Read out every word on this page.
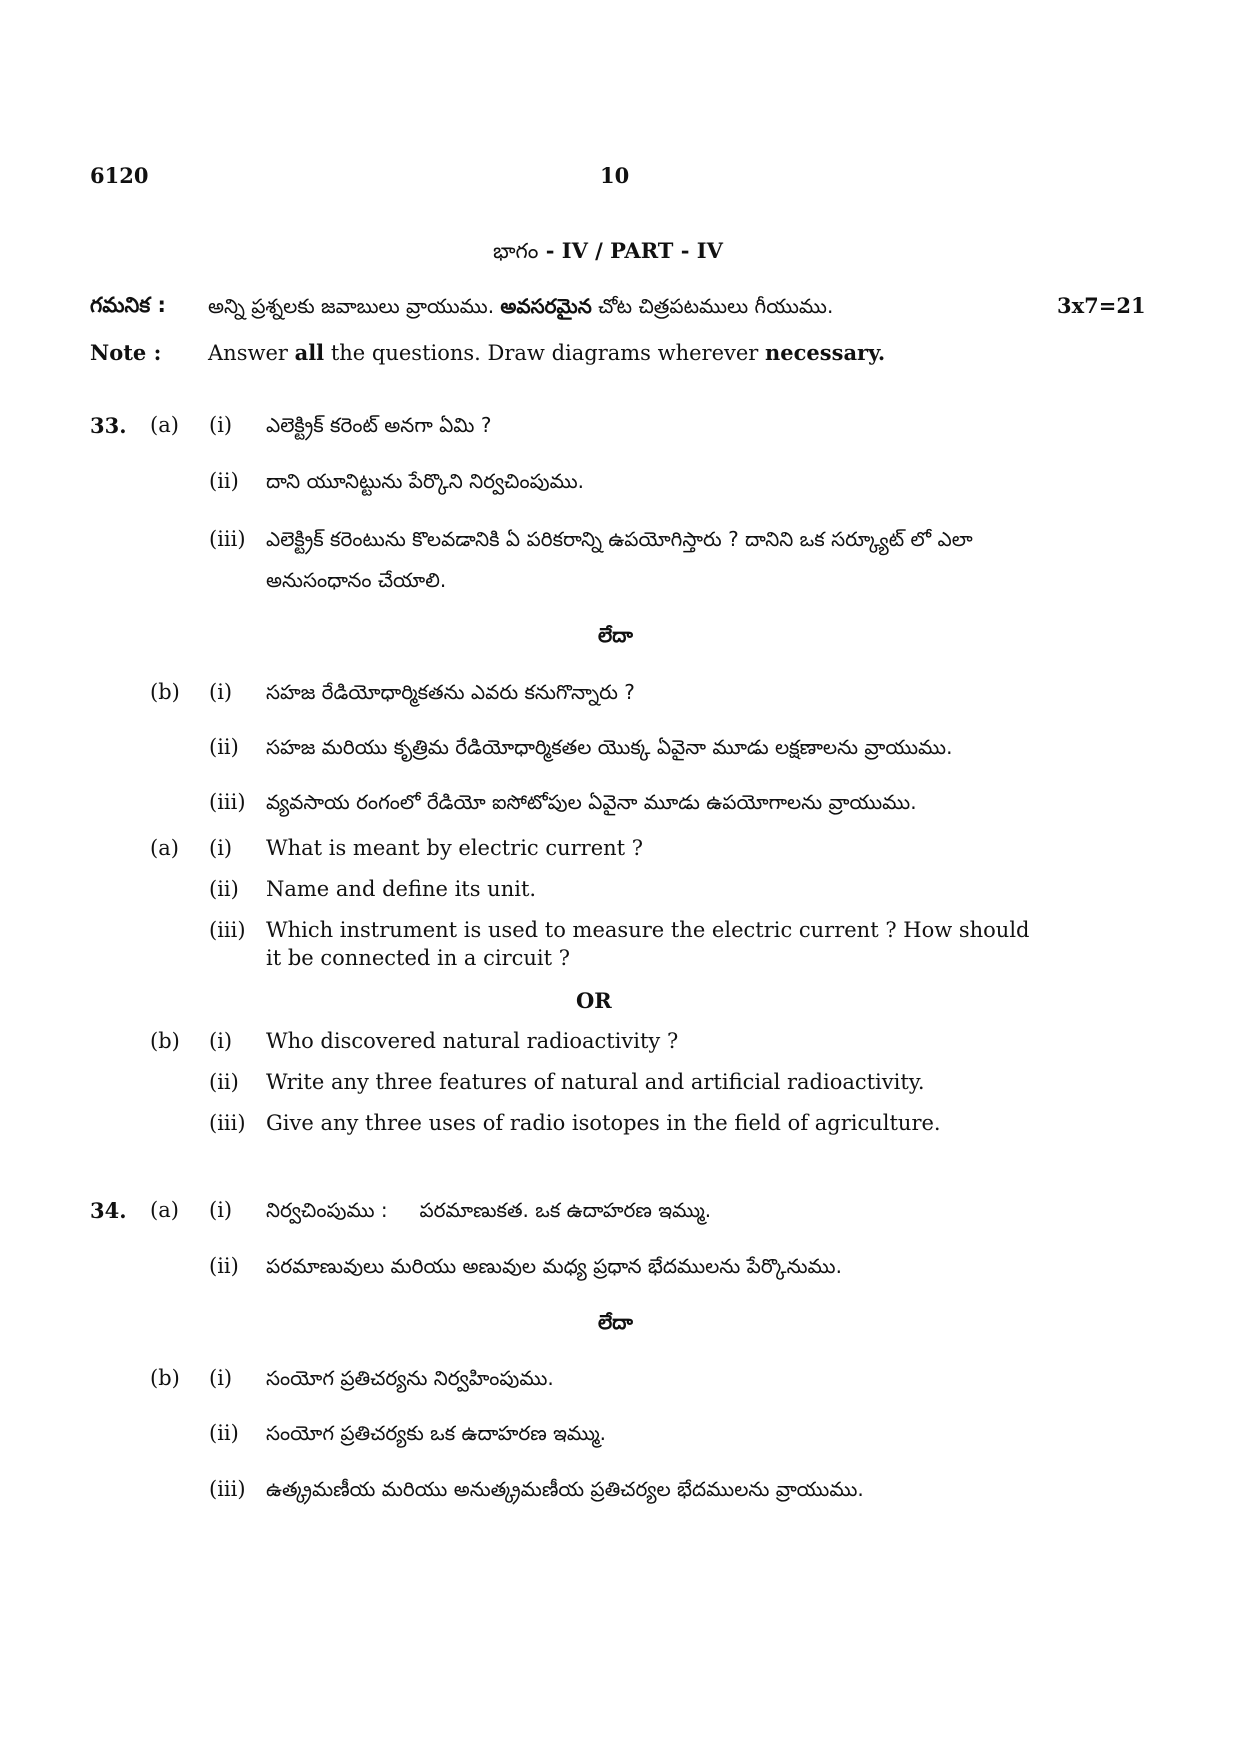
6120	10
భాగం - IV / PART - IV
గమనిక : అన్ని ప్రశ్నలకు జవాబులు వ్రాయుము. అవసరమైన చోట చిత్రపటములు గీయుము.	3x7=21
Note : Answer all the questions. Draw diagrams wherever necessary.
33. (a) (i) ఎలెక్ట్రిక్ కరెంట్ అనగా ఏమి ?
(ii) దాని యూనిట్టును పేర్కొని నిర్వచింపుము.
(iii) ఎలెక్ట్రిక్ కరెంటును కొలవడానికి ఏ పరికరాన్ని ఉపయోగిస్తారు ? దానిని ఒక సర్క్యూట్ లో ఎలా
అనుసంధానం చేయాలి.
లేదా
(b) (i) సహజ రేడియోధార్మికతను ఎవరు కనుగొన్నారు ?
(ii) సహజ మరియు కృత్రిమ రేడియోధార్మికతల యొక్క ఏవైనా మూడు లక్షణాలను వ్రాయుము.
(iii) వ్యవసాయ రంగంలో రేడియో ఐసోటోపుల ఏవైనా మూడు ఉపయోగాలను వ్రాయుము.
(a) (i) What is meant by electric current ?
(ii) Name and define its unit.
(iii) Which instrument is used to measure the electric current ? How should
it be connected in a circuit ?
OR
(b) (i) Who discovered natural radioactivity ?
(ii) Write any three features of natural and artificial radioactivity.
(iii) Give any three uses of radio isotopes in the field of agriculture.
34. (a) (i) నిర్వచింపుము :     పరమాణుకత. ఒక ఉదాహరణ ఇమ్ము.
(ii) పరమాణువులు మరియు అణువుల మధ్య ప్రధాన భేదములను పేర్కొనుము.
లేదా
(b) (i) సంయోగ ప్రతిచర్యను నిర్వహింపుము.
(ii) సంయోగ ప్రతిచర్యకు ఒక ఉదాహరణ ఇమ్ము.
(iii) ఉత్క్రమణీయ మరియు అనుత్క్రమణీయ ప్రతిచర్యల భేదములను వ్రాయుము.
